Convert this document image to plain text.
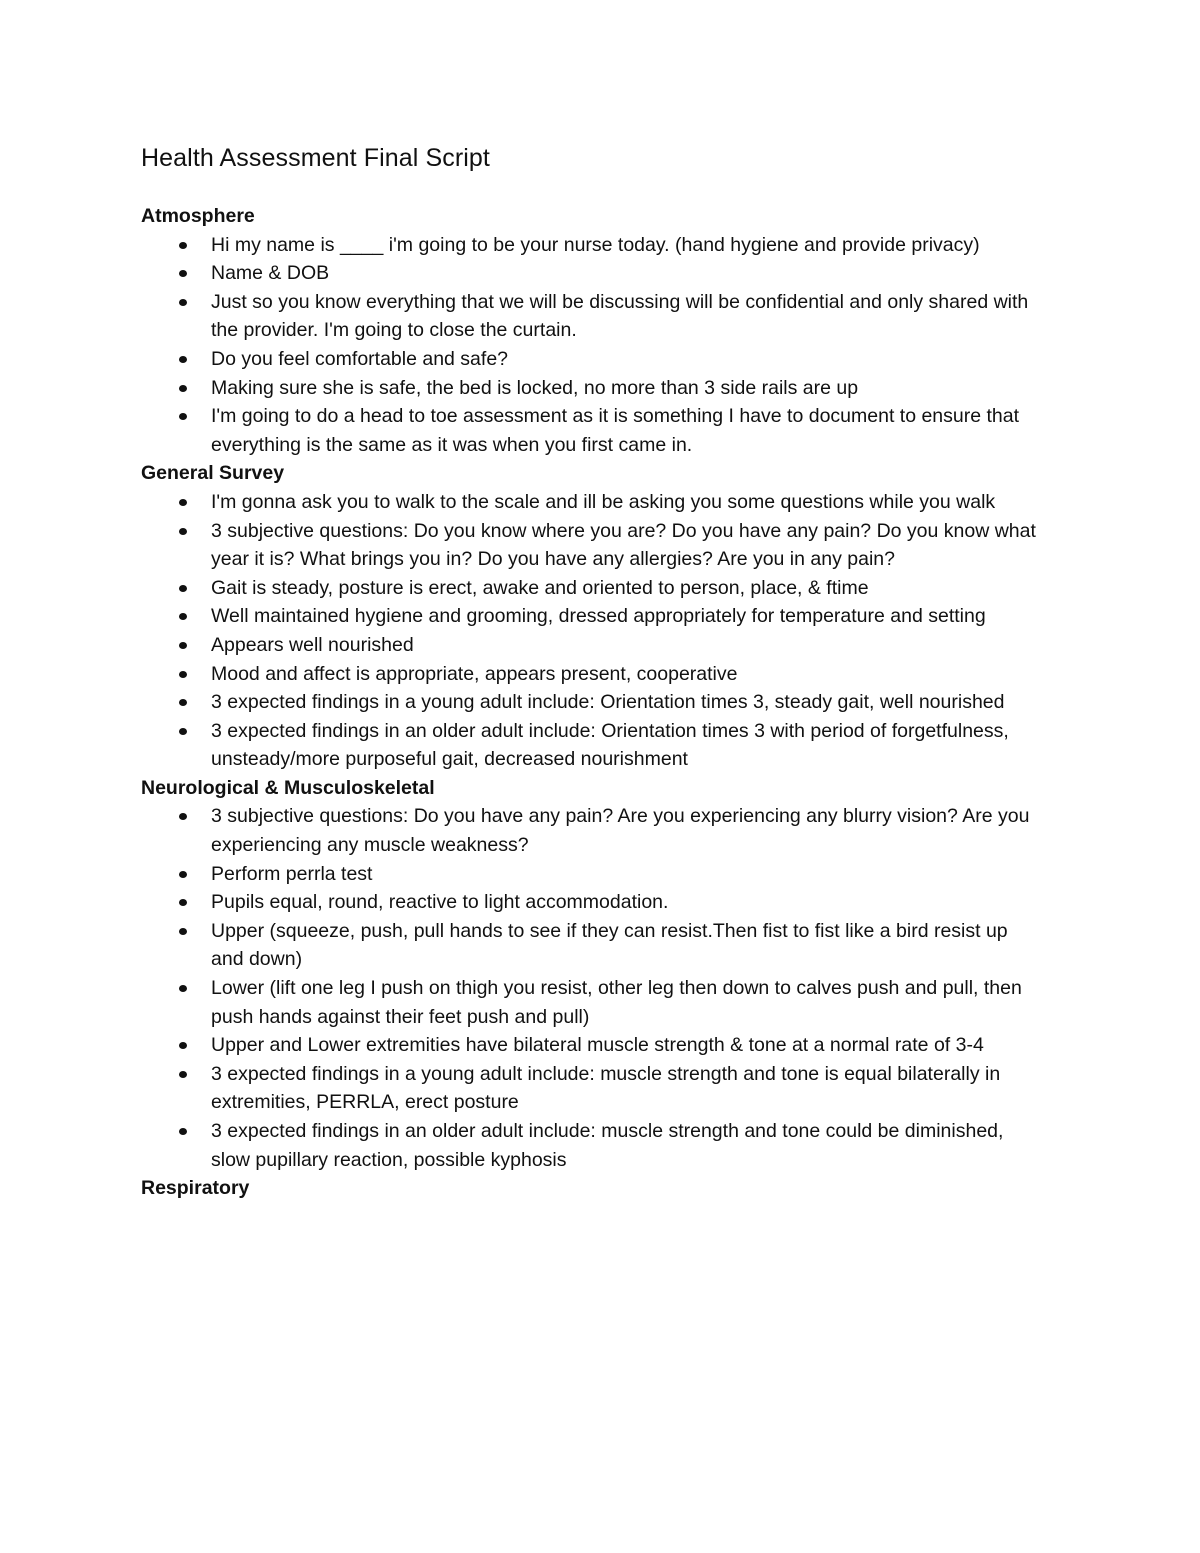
Health Assessment Final Script
Atmosphere
Hi my name is ____ i'm going to be your nurse today. (hand hygiene and provide privacy)
Name & DOB
Just so you know everything that we will be discussing will be confidential and only shared with the provider. I'm going to close the curtain.
Do you feel comfortable and safe?
Making sure she is safe, the bed is locked, no more than 3 side rails are up
I'm going to do a head to toe assessment as it is something I have to document to ensure that everything is the same as it was when you first came in.
General Survey
I'm gonna ask you to walk to the scale and ill be asking you some questions while you walk
3 subjective questions: Do you know where you are? Do you have any pain? Do you know what year it is? What brings you in? Do you have any allergies? Are you in any pain?
Gait is steady, posture is erect, awake and oriented to person, place, & ftime
Well maintained hygiene and grooming, dressed appropriately for temperature and setting
Appears well nourished
Mood and affect is appropriate, appears present, cooperative
3 expected findings in a young adult include: Orientation times 3, steady gait, well nourished
3 expected findings in an older adult include: Orientation times 3 with period of forgetfulness, unsteady/more purposeful gait, decreased nourishment
Neurological & Musculoskeletal
3 subjective questions: Do you have any pain? Are you experiencing any blurry vision? Are you experiencing any muscle weakness?
Perform perrla test
Pupils equal, round, reactive to light accommodation.
Upper (squeeze, push, pull hands to see if they can resist.Then fist to fist like a bird resist up and down)
Lower (lift one leg I push on thigh you resist, other leg then down to calves push and pull, then push hands against their feet push and pull)
Upper and Lower extremities have bilateral muscle strength & tone at a normal rate of 3-4
3 expected findings in a young adult include: muscle strength and tone is equal bilaterally in extremities, PERRLA, erect posture
3 expected findings in an older adult include: muscle strength and tone could be diminished, slow pupillary reaction, possible kyphosis
Respiratory
